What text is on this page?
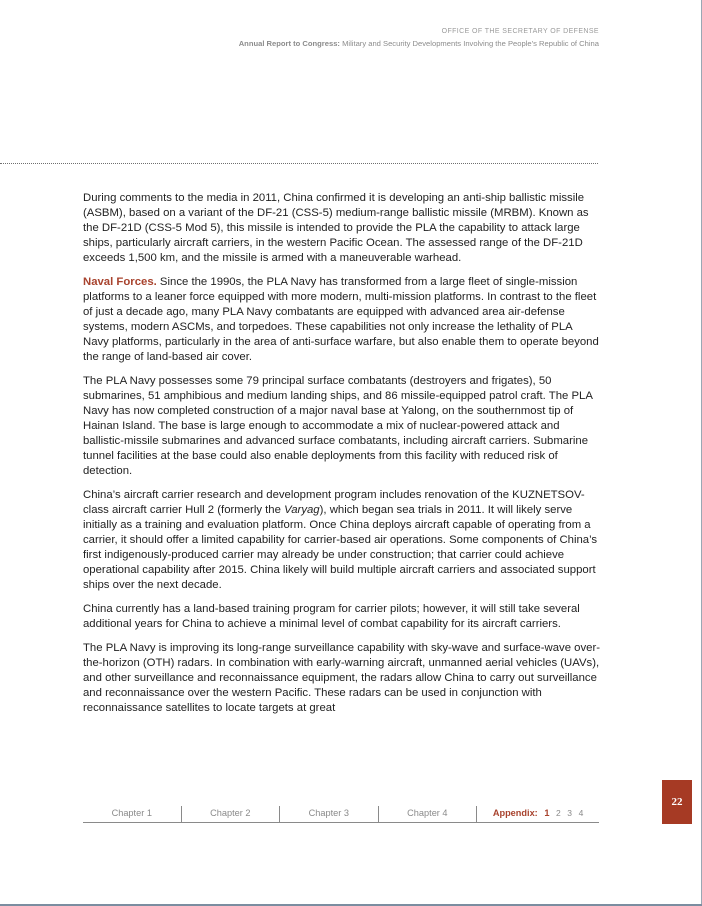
OFFICE OF THE SECRETARY OF DEFENSE
Annual Report to Congress: Military and Security Developments Involving the People’s Republic of China

During comments to the media in 2011, China confirmed it is developing an anti-ship ballistic missile (ASBM), based on a variant of the DF-21 (CSS-5) medium-range ballistic missile (MRBM). Known as the DF-21D (CSS-5 Mod 5), this missile is intended to provide the PLA the capability to attack large ships, particularly aircraft carriers, in the western Pacific Ocean. The assessed range of the DF-21D exceeds 1,500 km, and the missile is armed with a maneuverable warhead.

Naval Forces. Since the 1990s, the PLA Navy has transformed from a large fleet of single-mission platforms to a leaner force equipped with more modern, multi-mission platforms. In contrast to the fleet of just a decade ago, many PLA Navy combatants are equipped with advanced area air-defense systems, modern ASCMs, and torpedoes. These capabilities not only increase the lethality of PLA Navy platforms, particularly in the area of anti-surface warfare, but also enable them to operate beyond the range of land-based air cover.

The PLA Navy possesses some 79 principal surface combatants (destroyers and frigates), 50 submarines, 51 amphibious and medium landing ships, and 86 missile-equipped patrol craft. The PLA Navy has now completed construction of a major naval base at Yalong, on the southernmost tip of Hainan Island. The base is large enough to accommodate a mix of nuclear-powered attack and ballistic-missile submarines and advanced surface combatants, including aircraft carriers. Submarine tunnel facilities at the base could also enable deployments from this facility with reduced risk of detection.

China’s aircraft carrier research and development program includes renovation of the KUZNETSOV-class aircraft carrier Hull 2 (formerly the Varyag), which began sea trials in 2011. It will likely serve initially as a training and evaluation platform. Once China deploys aircraft capable of operating from a carrier, it should offer a limited capability for carrier-based air operations. Some components of China’s first indigenously-produced carrier may already be under construction; that carrier could achieve operational capability after 2015. China likely will build multiple aircraft carriers and associated support ships over the next decade.

China currently has a land-based training program for carrier pilots; however, it will still take several additional years for China to achieve a minimal level of combat capability for its aircraft carriers.

The PLA Navy is improving its long-range surveillance capability with sky-wave and surface-wave over-the-horizon (OTH) radars. In combination with early-warning aircraft, unmanned aerial vehicles (UAVs), and other surveillance and reconnaissance equipment, the radars allow China to carry out surveillance and reconnaissance over the western Pacific. These radars can be used in conjunction with reconnaissance satellites to locate targets at great

22
Chapter 1	Chapter 2	Chapter 3	Chapter 4	Appendix: 1 2 3 4
